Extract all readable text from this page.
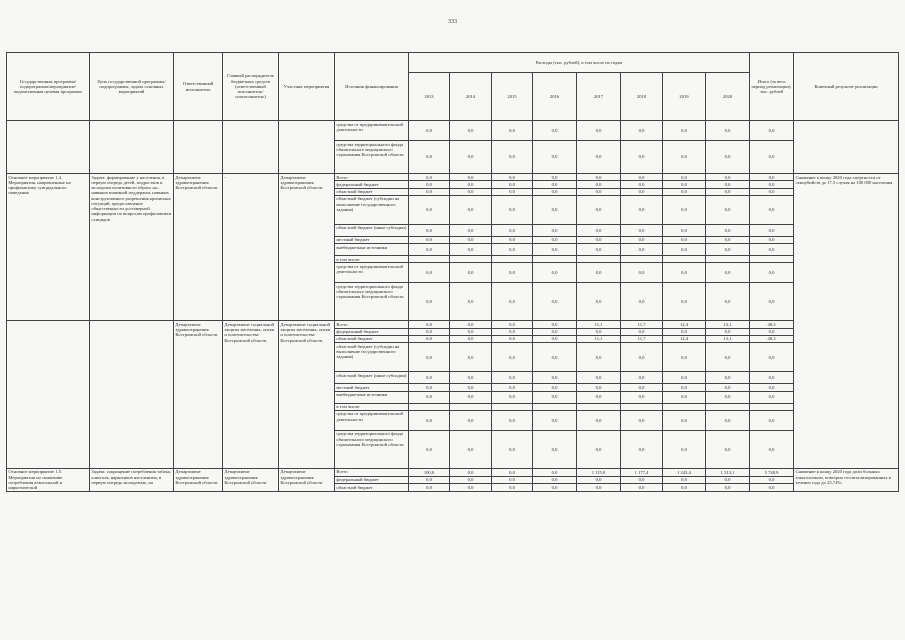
333
Государственная программа/подпрограмма/мероприятие/ведомственная целевая программа	Цель государственной программы/подпрограммы, задача основных мероприятий	Ответственный исполнитель	Главный распорядитель бюджетных средств (ответственный исполнитель/соисполнитель)	Участник мероприятия	Источник финансирования	Расходы (тыс. рублей), в том числе по годам								Итого (за весь период реализации), тыс. рублей	Конечный результат реализации
						2013	2014	2015	2016	2017	2018	2019	2020		
					средства от предпринимательской деятельности	0,0	0,0	0,0	0,0	0,0	0,0	0,0	0,0	0,0	
					средства территориального фонда обязательного медицинского страхования Костромской области	0,0	0,0	0,0	0,0	0,0	0,0	0,0	0,0	0,0	
Основное мероприятие 1.4. Мероприятия, направленные на профилактику суицидального поведения	Задача: формирование у населения, в первую очередь детей, подростков и молодежи позитивного образа «я», навыков взаимной поддержки, навыков конструктивного разрешения кризисных ситуаций, предоставление общественности достоверной информации по вопросам профилактики суицидов	Департамент здравоохранения Костромской области	-	Департамент здравоохранения Костромской области	Всего	0,0	0,0	0,0	0,0	0,0	0,0	0,0	0,0	0,0	Снижение к концу 2020 года смертности от самоубийств до 17,5 случая на 100 000 населения
					федеральный бюджет	0,0	0,0	0,0	0,0	0,0	0,0	0,0	0,0	0,0	
					областной бюджет	0,0	0,0	0,0	0,0	0,0	0,0	0,0	0,0	0,0	
					областной бюджет (субсидии на выполнение государственного задания)	0,0	0,0	0,0	0,0	0,0	0,0	0,0	0,0	0,0	
					областной бюджет (иные субсидии)	0,0	0,0	0,0	0,0	0,0	0,0	0,0	0,0	0,0	
					местный бюджет	0,0	0,0	0,0	0,0	0,0	0,0	0,0	0,0	0,0	
					внебюджетные источники	0,0	0,0	0,0	0,0	0,0	0,0	0,0	0,0	0,0	
					в том числе:										
					средства от предпринимательской деятельности	0,0	0,0	0,0	0,0	0,0	0,0	0,0	0,0	0,0	
					средства территориального фонда обязательного медицинского страхования Костромской области	0,0	0,0	0,0	0,0	0,0	0,0	0,0	0,0	0,0	
		Департамент здравоохранения Костромской области	Департамент социальной защиты населения, опеки и попечительства Костромской области	Департамент социальной защиты населения, опеки и попечительства Костромской области	Всего	0,0	0,0	0,0	0,0	11,1	11,7	12,4	13,1	48,3	
					федеральный бюджет	0,0	0,0	0,0	0,0	0,0	0,0	0,0	0,0	0,0	
					областной бюджет	0,0	0,0	0,0	0,0	11,1	11,7	12,4	13,1	48,3	
					областной бюджет (субсидии на выполнение государственного задания)	0,0	0,0	0,0	0,0	0,0	0,0	0,0	0,0	0,0	
					областной бюджет (иные субсидии)	0,0	0,0	0,0	0,0	0,0	0,0	0,0	0,0	0,0	
					местный бюджет	0,0	0,0	0,0	0,0	0,0	0,0	0,0	0,0	0,0	
					внебюджетные источники	0,0	0,0	0,0	0,0	0,0	0,0	0,0	0,0	0,0	
					в том числе:										
					средства от предпринимательской деятельности	0,0	0,0	0,0	0,0	0,0	0,0	0,0	0,0	0,0	
					средства территориального фонда обязательного медицинского страхования Костромской области	0,0	0,0	0,0	0,0	0,0	0,0	0,0	0,0	0,0	
Основное мероприятие 1.5. Мероприятия по снижению потребления алкогольной и наркотической	Задача: сокращение потребления табака, алкоголя, наркотиков населением, в первую очередь молодежью, на	Департамент здравоохранения Костромской области	Департамент здравоохранения Костромской области	Департамент здравоохранения Костромской области	Всего	100,0	0,0	0,0	0,0	1 115,0	1 177,4	1 243,4	1 313,1	5 748,9	Снижение к концу 2020 года доли больных алкоголизмом, повторно госпитализированных в течение года до 25,74%;
					федеральный бюджет	0,0	0,0	0,0	0,0	0,0	0,0	0,0	0,0	0,0	
					областной бюджет	0,0	0,0	0,0	0,0	0,0	0,0	0,0	0,0	0,0	
